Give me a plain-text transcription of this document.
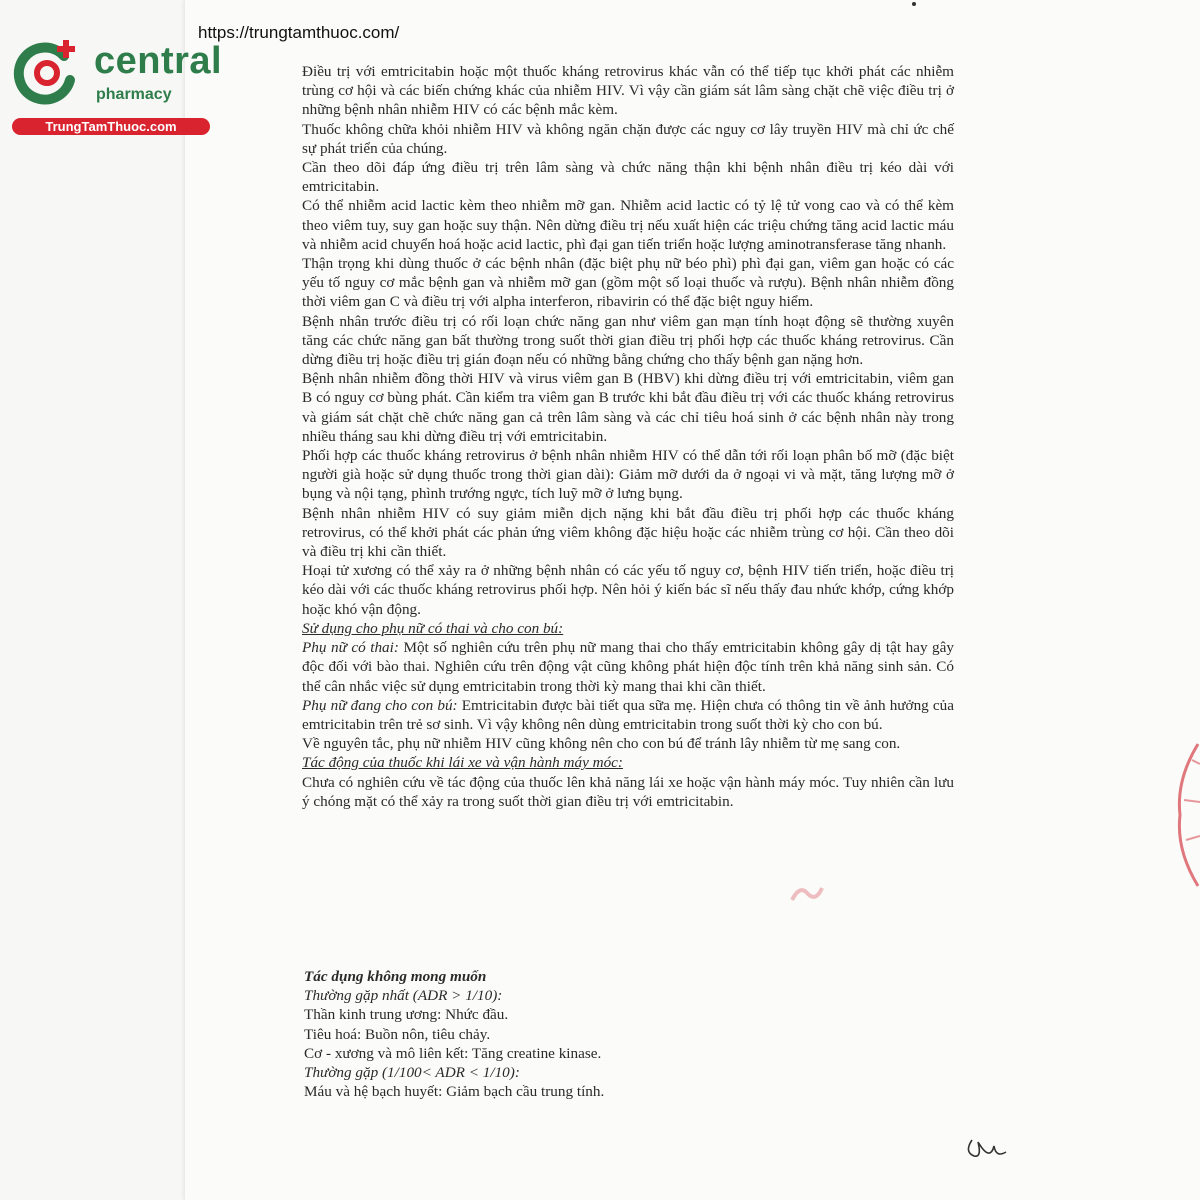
https://trungtamthuoc.com/
central
pharmacy
TrungTamThuoc.com

Điều trị với emtricitabin hoặc một thuốc kháng retrovirus khác vẫn có thể tiếp tục khởi phát các nhiễm trùng cơ hội và các biến chứng khác của nhiễm HIV. Vì vậy cần giám sát lâm sàng chặt chẽ việc điều trị ở những bệnh nhân nhiễm HIV có các bệnh mắc kèm.

Thuốc không chữa khỏi nhiễm HIV và không ngăn chặn được các nguy cơ lây truyền HIV mà chỉ ức chế sự phát triển của chúng.

Cần theo dõi đáp ứng điều trị trên lâm sàng và chức năng thận khi bệnh nhân điều trị kéo dài với emtricitabin.

Có thể nhiễm acid lactic kèm theo nhiễm mỡ gan. Nhiễm acid lactic có tỷ lệ tử vong cao và có thể kèm theo viêm tuy, suy gan hoặc suy thận. Nên dừng điều trị nếu xuất hiện các triệu chứng tăng acid lactic máu và nhiễm acid chuyển hoá hoặc acid lactic, phì đại gan tiến triển hoặc lượng aminotransferase tăng nhanh.

Thận trọng khi dùng thuốc ở các bệnh nhân (đặc biệt phụ nữ béo phì) phì đại gan, viêm gan hoặc có các yếu tố nguy cơ mắc bệnh gan và nhiễm mỡ gan (gồm một số loại thuốc và rượu). Bệnh nhân nhiễm đồng thời viêm gan C và điều trị với alpha interferon, ribavirin có thể đặc biệt nguy hiểm.

Bệnh nhân trước điều trị có rối loạn chức năng gan như viêm gan mạn tính hoạt động sẽ thường xuyên tăng các chức năng gan bất thường trong suốt thời gian điều trị phối hợp các thuốc kháng retrovirus. Cần dừng điều trị hoặc điều trị gián đoạn nếu có những bằng chứng cho thấy bệnh gan nặng hơn.

Bệnh nhân nhiễm đồng thời HIV và virus viêm gan B (HBV) khi dừng điều trị với emtricitabin, viêm gan B có nguy cơ bùng phát. Cần kiểm tra viêm gan B trước khi bắt đầu điều trị với các thuốc kháng retrovirus và giám sát chặt chẽ chức năng gan cả trên lâm sàng và các chỉ tiêu hoá sinh ở các bệnh nhân này trong nhiều tháng sau khi dừng điều trị với emtricitabin.

Phối hợp các thuốc kháng retrovirus ở bệnh nhân nhiễm HIV có thể dẫn tới rối loạn phân bố mỡ (đặc biệt người già hoặc sử dụng thuốc trong thời gian dài): Giảm mỡ dưới da ở ngoại vi và mặt, tăng lượng mỡ ở bụng và nội tạng, phình trướng ngực, tích luỹ mỡ ở lưng bụng.

Bệnh nhân nhiễm HIV có suy giảm miễn dịch nặng khi bắt đầu điều trị phối hợp các thuốc kháng retrovirus, có thể khởi phát các phản ứng viêm không đặc hiệu hoặc các nhiễm trùng cơ hội. Cần theo dõi và điều trị khi cần thiết.

Hoại tử xương có thể xảy ra ở những bệnh nhân có các yếu tố nguy cơ, bệnh HIV tiến triển, hoặc điều trị kéo dài với các thuốc kháng retrovirus phối hợp. Nên hỏi ý kiến bác sĩ nếu thấy đau nhức khớp, cứng khớp hoặc khó vận động.

Sử dụng cho phụ nữ có thai và cho con bú:

Phụ nữ có thai: Một số nghiên cứu trên phụ nữ mang thai cho thấy emtricitabin không gây dị tật hay gây độc đối với bào thai. Nghiên cứu trên động vật cũng không phát hiện độc tính trên khả năng sinh sản. Có thể cân nhắc việc sử dụng emtricitabin trong thời kỳ mang thai khi cần thiết.

Phụ nữ đang cho con bú: Emtricitabin được bài tiết qua sữa mẹ. Hiện chưa có thông tin về ảnh hưởng của emtricitabin trên trẻ sơ sinh. Vì vậy không nên dùng emtricitabin trong suốt thời kỳ cho con bú.

Về nguyên tắc, phụ nữ nhiễm HIV cũng không nên cho con bú để tránh lây nhiễm từ mẹ sang con.

Tác động của thuốc khi lái xe và vận hành máy móc:

Chưa có nghiên cứu về tác động của thuốc lên khả năng lái xe hoặc vận hành máy móc. Tuy nhiên cần lưu ý chóng mặt có thể xảy ra trong suốt thời gian điều trị với emtricitabin.

Tác dụng không mong muốn

Thường gặp nhất (ADR > 1/10):

Thần kinh trung ương: Nhức đầu.

Tiêu hoá: Buồn nôn, tiêu chảy.

Cơ - xương và mô liên kết: Tăng creatine kinase.

Thường gặp (1/100< ADR < 1/10):

Máu và hệ bạch huyết: Giảm bạch cầu trung tính.
